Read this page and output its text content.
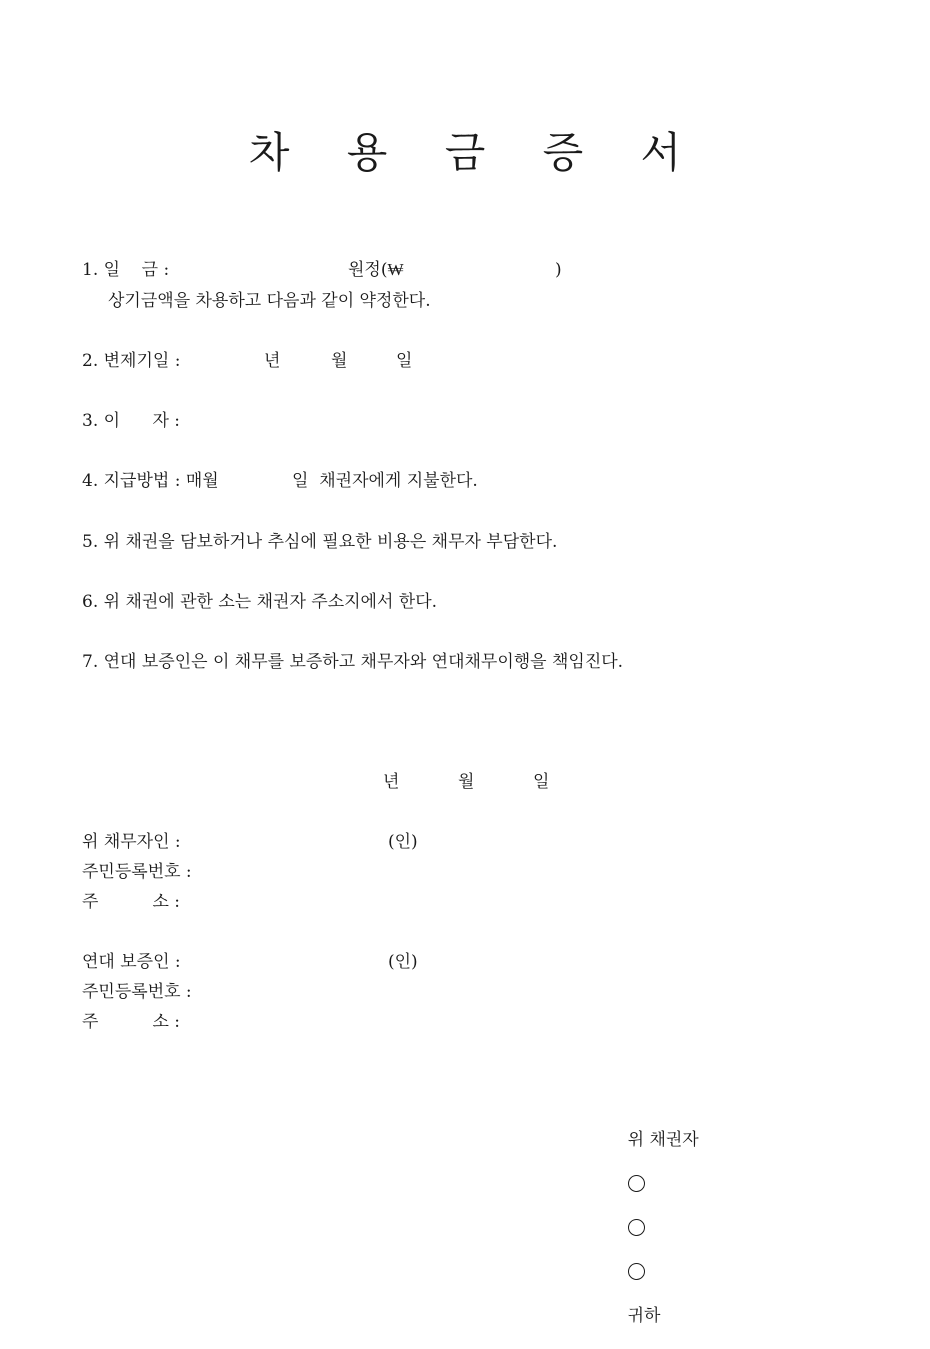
차 용 금 증 서
1. 일    금 :	원정(₩	)
상기금액을 차용하고 다음과 같이 약정한다.
2. 변제기일 :	년	월	일
3. 이      자 :
4. 지급방법 : 매월	일  채권자에게 지불한다.
5. 위 채권을 담보하거나 추심에 필요한 비용은 채무자 부담한다.
6. 위 채권에 관한 소는 채권자 주소지에서 한다.
7. 연대 보증인은 이 채무를 보증하고 채무자와 연대채무이행을 책임진다.
년	월	일
위 채무자인 :	(인)
주민등록번호 :
주          소 :
연대 보증인 :	(인)
주민등록번호 :
주          소 :

위 채권자

귀하
